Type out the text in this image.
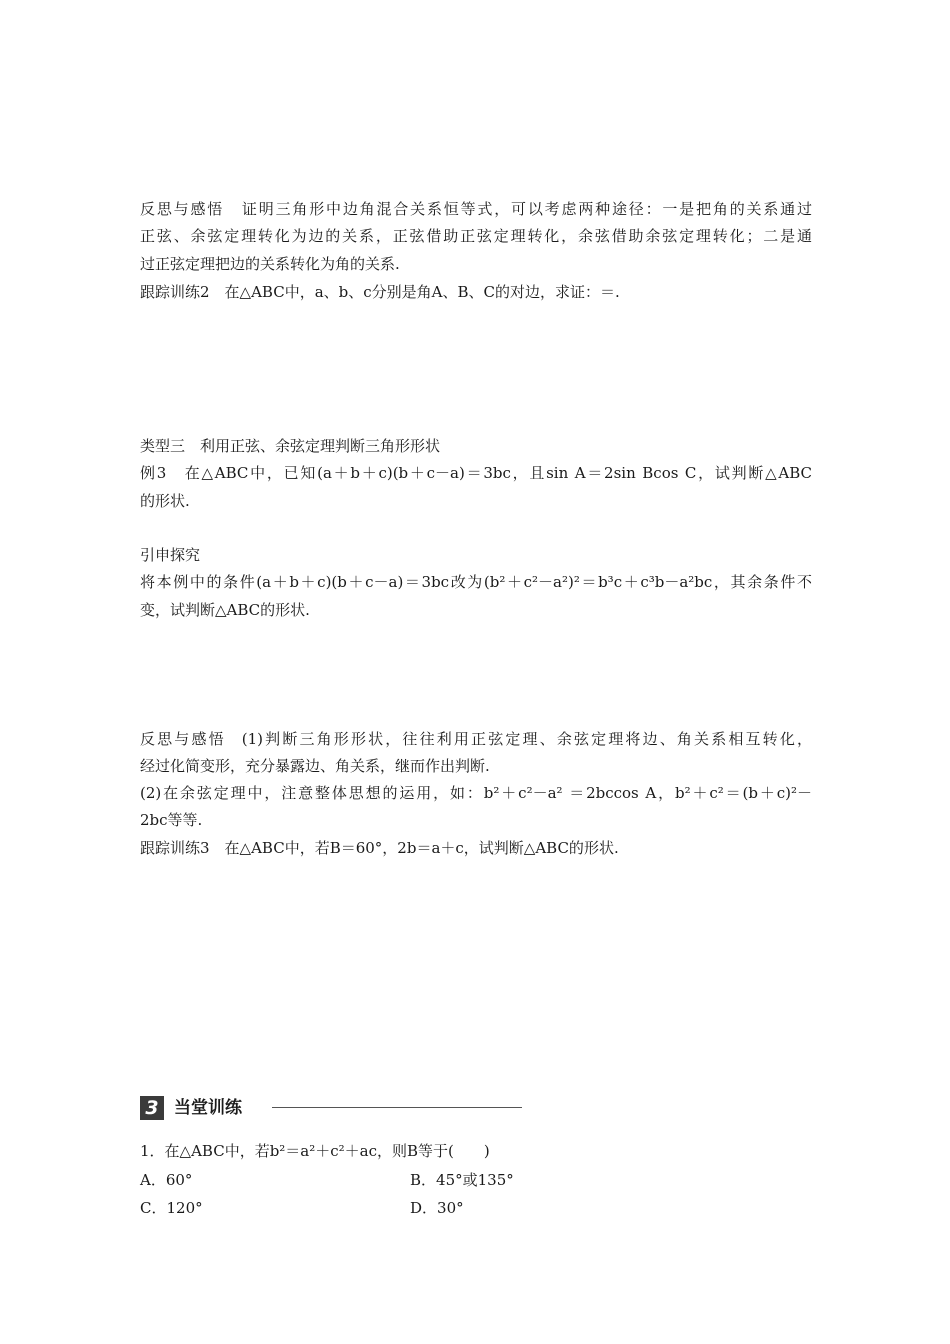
反思与感悟 证明三角形中边角混合关系恒等式，可以考虑两种途径：一是把角的关系通过
正弦、余弦定理转化为边的关系，正弦借助正弦定理转化，余弦借助余弦定理转化；二是通
过正弦定理把边的关系转化为角的关系.
跟踪训练2　在△ABC中，a、b、c分别是角A、B、C的对边，求证：＝.
类型三　利用正弦、余弦定理判断三角形形状
例3　在△ABC中，已知(a＋b＋c)(b＋c－a)＝3bc，且sin A＝2sin Bcos C，试判断△ABC
的形状.
引申探究
将本例中的条件(a＋b＋c)(b＋c－a)＝3bc改为(b²＋c²－a²)²＝b³c＋c³b－a²bc，其余条件不
变，试判断△ABC的形状.
反思与感悟 (1)判断三角形形状，往往利用正弦定理、余弦定理将边、角关系相互转化，
经过化简变形，充分暴露边、角关系，继而作出判断.
(2)在余弦定理中，注意整体思想的运用，如：b²＋c²－a² ＝2bccos A，b²＋c²＝(b＋c)²－
2bc等等.
跟踪训练3　在△ABC中，若B＝60°，2b＝a＋c，试判断△ABC的形状.
3 当堂训练
1．在△ABC中，若b²＝a²＋c²＋ac，则B等于(　　)
A．60°	B．45°或135°
C．120°	D．30°
